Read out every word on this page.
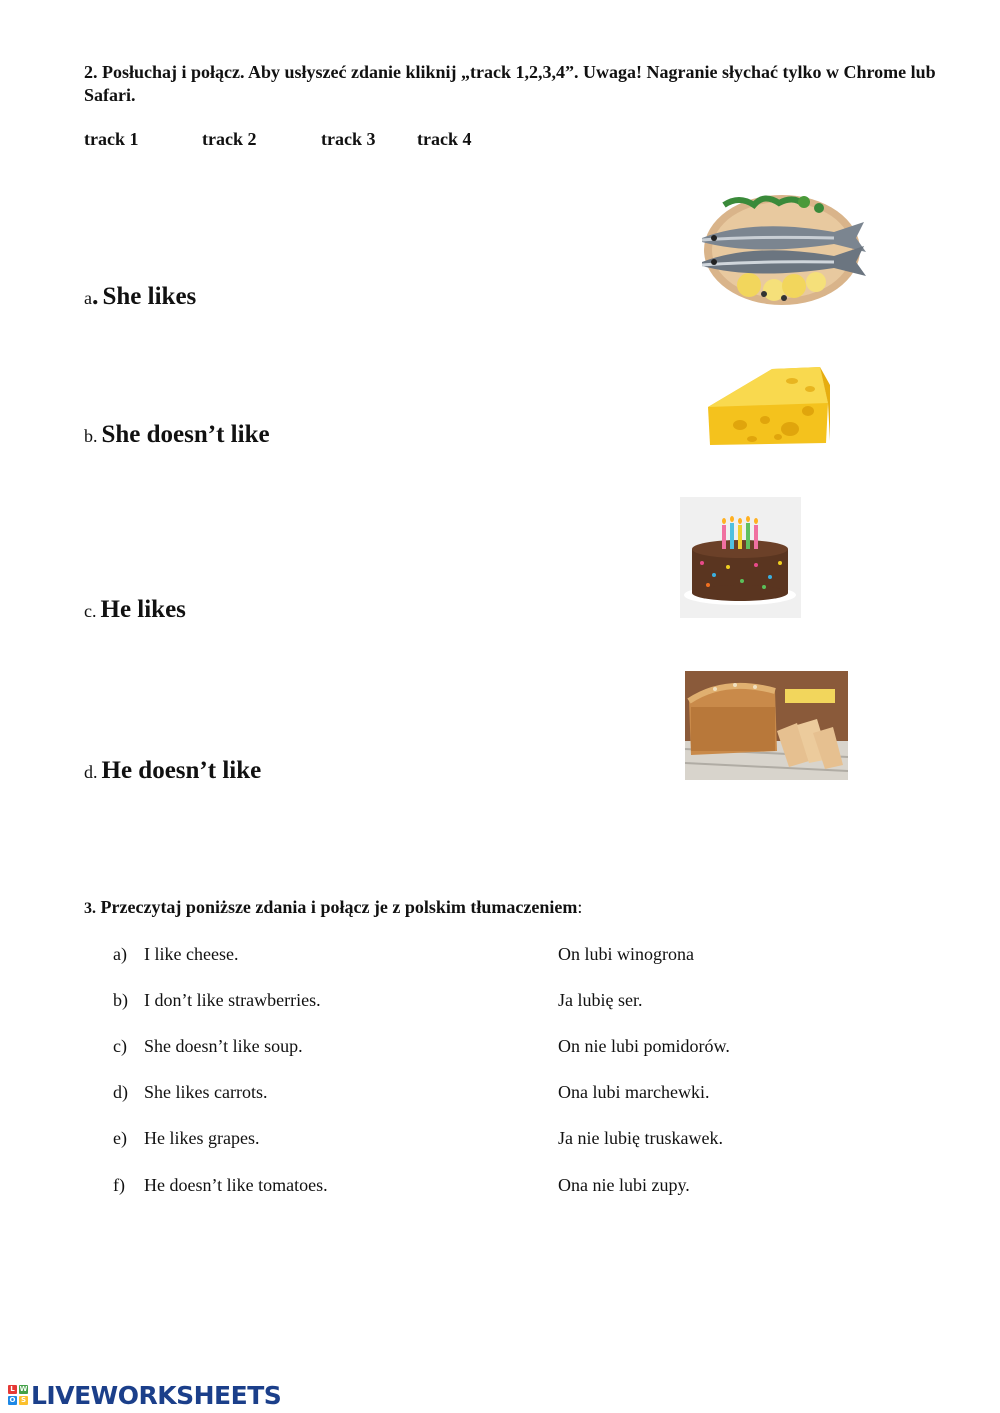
2. Posłuchaj i połącz. Aby usłyszeć zdanie kliknij „track 1,2,3,4”. Uwaga! Nagranie słychać tylko w Chrome lub Safari.
track 1	track 2	track 3 track 4
a. She likes
b. She doesn’t like
c. He likes
d. He doesn’t like
3. Przeczytaj poniższe zdania i połącz je z polskim tłumaczeniem:
a) I like cheese.
b) I don’t like strawberries.
c) She doesn’t like soup.
d) She likes carrots.
e) He likes grapes.
f) He doesn’t like tomatoes.
On lubi winogrona
Ja lubię ser.
On nie lubi pomidorów.
Ona lubi marchewki.
Ja nie lubię truskawek.
Ona nie lubi zupy.
L W
O S LIVEWORKSHEETS
